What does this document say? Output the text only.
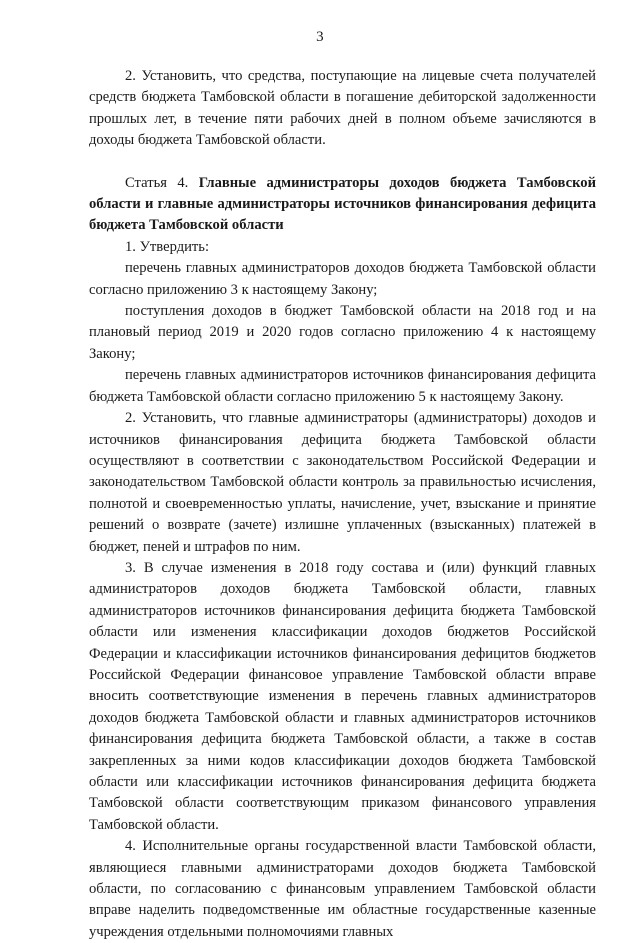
3

2. Установить, что средства, поступающие на лицевые счета получателей средств бюджета Тамбовской области в погашение дебиторской задолженности прошлых лет, в течение пяти рабочих дней в полном объеме зачисляются в доходы бюджета Тамбовской области.

Статья 4. Главные администраторы доходов бюджета Тамбовской области и главные администраторы источников финансирования дефицита бюджета Тамбовской области

1. Утвердить:

перечень главных администраторов доходов бюджета Тамбовской области согласно приложению 3 к настоящему Закону;

поступления доходов в бюджет Тамбовской области на 2018 год и на плановый период 2019 и 2020 годов согласно приложению 4 к настоящему Закону;

перечень главных администраторов источников финансирования дефицита бюджета Тамбовской области согласно приложению 5 к настоящему Закону.

2. Установить, что главные администраторы (администраторы) доходов и источников финансирования дефицита бюджета Тамбовской области осуществляют в соответствии с законодательством Российской Федерации и законодательством Тамбовской области контроль за правильностью исчисления, полнотой и своевременностью уплаты, начисление, учет, взыскание и принятие решений о возврате (зачете) излишне уплаченных (взысканных) платежей в бюджет, пеней и штрафов по ним.

3. В случае изменения в 2018 году состава и (или) функций главных администраторов доходов бюджета Тамбовской области, главных администраторов источников финансирования дефицита бюджета Тамбовской области или изменения классификации доходов бюджетов Российской Федерации и классификации источников финансирования дефицитов бюджетов Российской Федерации финансовое управление Тамбовской области вправе вносить соответствующие изменения в перечень главных администраторов доходов бюджета Тамбовской области и главных администраторов источников финансирования дефицита бюджета Тамбовской области, а также в состав закрепленных за ними кодов классификации доходов бюджета Тамбовской области или классификации источников финансирования дефицита бюджета Тамбовской области соответствующим приказом финансового управления Тамбовской области.

4. Исполнительные органы государственной власти Тамбовской области, являющиеся главными администраторами доходов бюджета Тамбовской области, по согласованию с финансовым управлением Тамбовской области вправе наделить подведомственные им областные государственные казенные учреждения отдельными полномочиями главных
